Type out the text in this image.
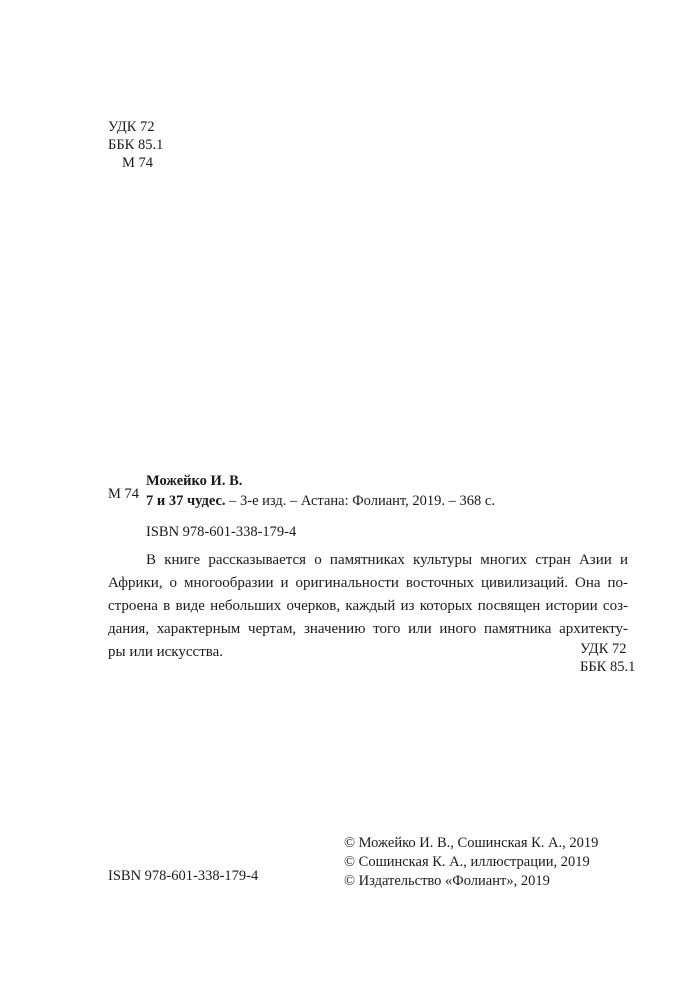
УДК 72
ББК 85.1
М 74
М 74
Можейко И. В.
7 и 37 чудес. – 3-е изд. – Астана: Фолиант, 2019. – 368 с.
ISBN 978-601-338-179-4
В книге рассказывается о памятниках культуры многих стран Азии и
Африки, о многообразии и оригинальности восточных цивилизаций. Она по-
строена в виде небольших очерков, каждый из которых посвящен истории соз-
дания, характерным чертам, значению того или иного памятника архитекту-
ры или искусства.	УДК 72
ББК 85.1
© Можейко И. В., Сошинская К. А., 2019
© Сошинская К. А., иллюстрации, 2019
© Издательство «Фолиант», 2019
ISBN 978-601-338-179-4
